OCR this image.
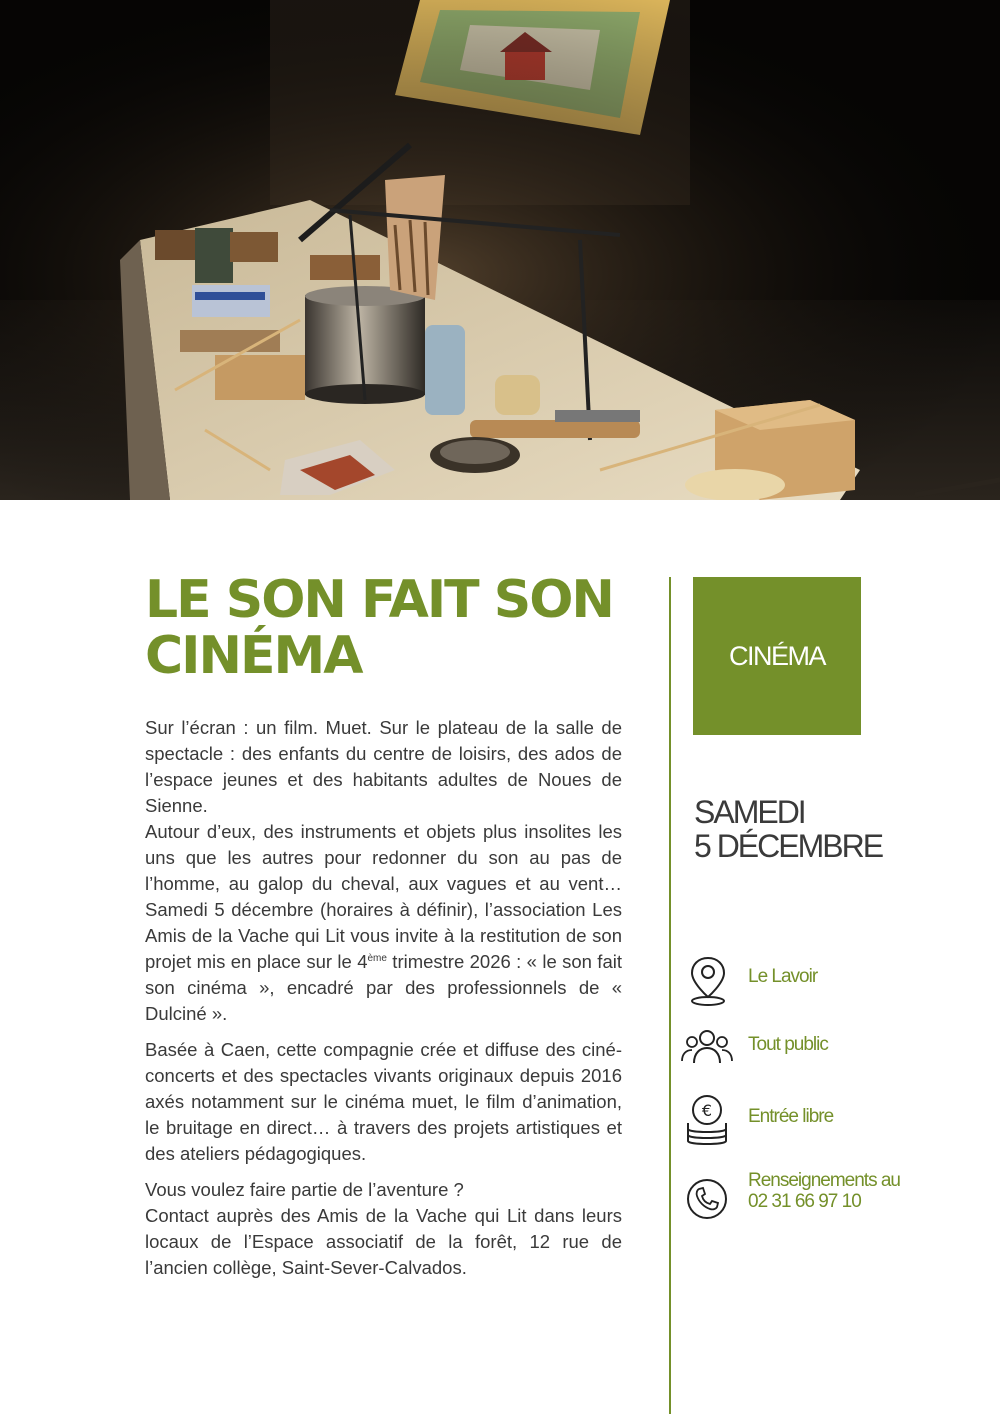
LE SON FAIT SON CINÉMA

Sur l’écran : un film. Muet. Sur le plateau de la salle de spectacle : des enfants du centre de loisirs, des ados de l’espace jeunes et des habitants adultes de Noues de Sienne.
Autour d’eux, des instruments et objets plus insolites les uns que les autres pour redonner du son au pas de l’homme, au galop du cheval, aux vagues et au vent… Samedi 5 décembre (horaires à définir), l’association Les Amis de la Vache qui Lit vous invite à la restitution de son projet mis en place sur le 4ème trimestre 2026 : « le son fait son cinéma », encadré par des professionnels de « Dulciné ».

Basée à Caen, cette compagnie crée et diffuse des ciné-concerts et des spectacles vivants originaux depuis 2016 axés notamment sur le cinéma muet, le film d’animation, le bruitage en direct… à travers des projets artistiques et des ateliers pédagogiques.

Vous voulez faire partie de l’aventure ?
Contact auprès des Amis de la Vache qui Lit dans leurs locaux de l’Espace associatif de la forêt, 12 rue de l’ancien collège, Saint-Sever-Calvados.

CINÉMA
SAMEDI
5 DÉCEMBRE
Le Lavoir
Tout public
€ Entrée libre
Renseignements au
02 31 66 97 10
